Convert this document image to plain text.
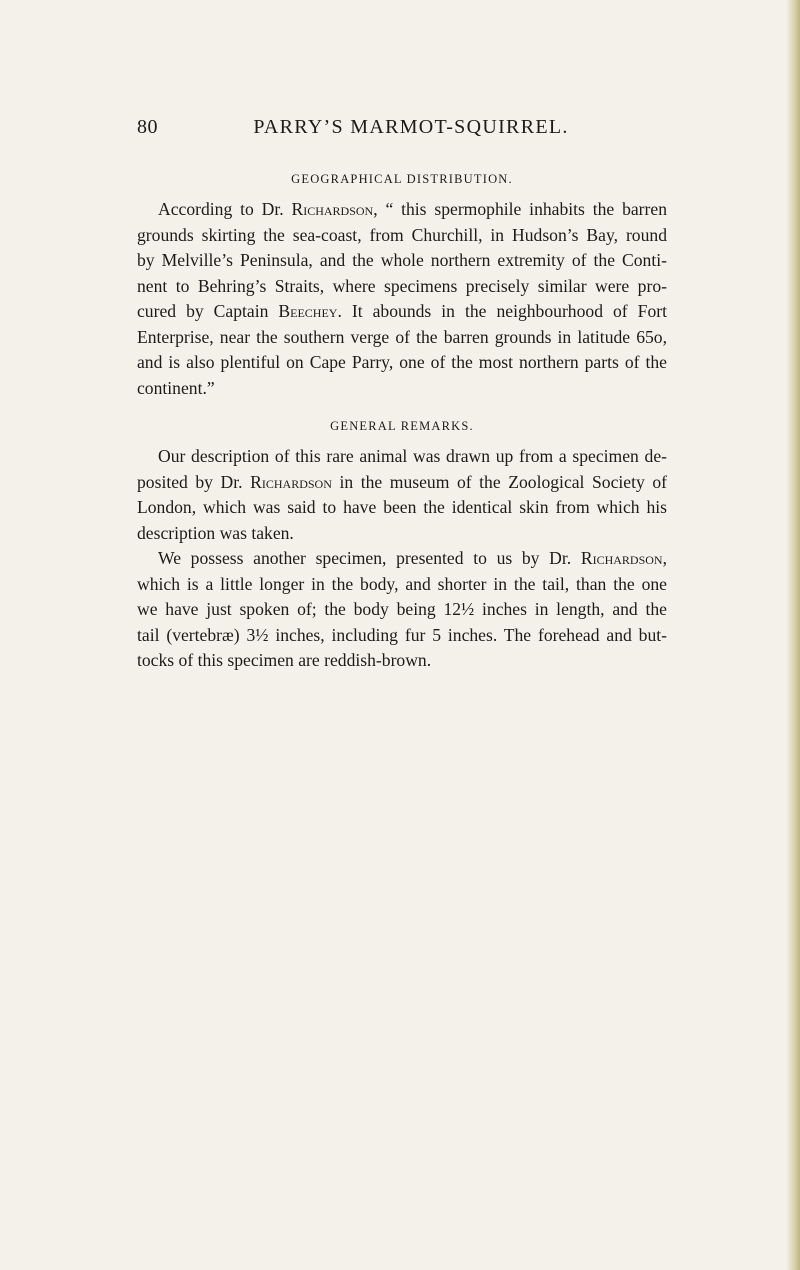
80	PARRY’S MARMOT-SQUIRREL.
GEOGRAPHICAL DISTRIBUTION.

According to Dr. Richardson, “ this spermophile inhabits the barren
grounds skirting the sea-coast, from Churchill, in Hudson’s Bay, round
by Melville’s Peninsula, and the whole northern extremity of the Conti-
nent to Behring’s Straits, where specimens precisely similar were pro-
cured by Captain Beechey. It abounds in the neighbourhood of Fort
Enterprise, near the southern verge of the barren grounds in latitude 65o,
and is also plentiful on Cape Parry, one of the most northern parts of the
continent.”

GENERAL REMARKS.

Our description of this rare animal was drawn up from a specimen de-
posited by Dr. Richardson in the museum of the Zoological Society of
London, which was said to have been the identical skin from which his
description was taken.

We possess another specimen, presented to us by Dr. Richardson,
which is a little longer in the body, and shorter in the tail, than the one
we have just spoken of; the body being 12½ inches in length, and the
tail (vertebræ) 3½ inches, including fur 5 inches. The forehead and but-
tocks of this specimen are reddish-brown.
